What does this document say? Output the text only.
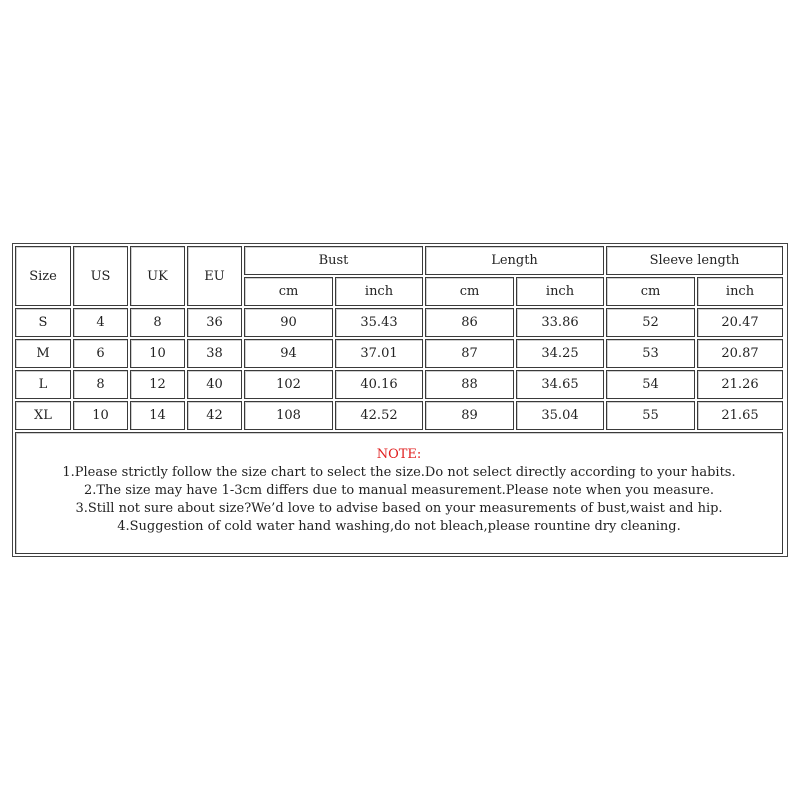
Size	US	UK	EU
Bust	Length	Sleeve length
cm	inch	cm	inch	cm	inch
S	4	8	36	90	35.43	86	33.86	52	20.47
M	6	10	38	94	37.01	87	34.25	53	20.87
L	8	12	40	102	40.16	88	34.65	54	21.26
XL	10	14	42	108	42.52	89	35.04	55	21.65
NOTE:
1.Please strictly follow the size chart to select the size.Do not select directly according to your habits.
2.The size may have 1-3cm differs due to manual measurement.Please note when you measure.
3.Still not sure about size?We’d love to advise based on your measurements of bust,waist and hip.
4.Suggestion of cold water hand washing,do not bleach,please rountine dry cleaning.
